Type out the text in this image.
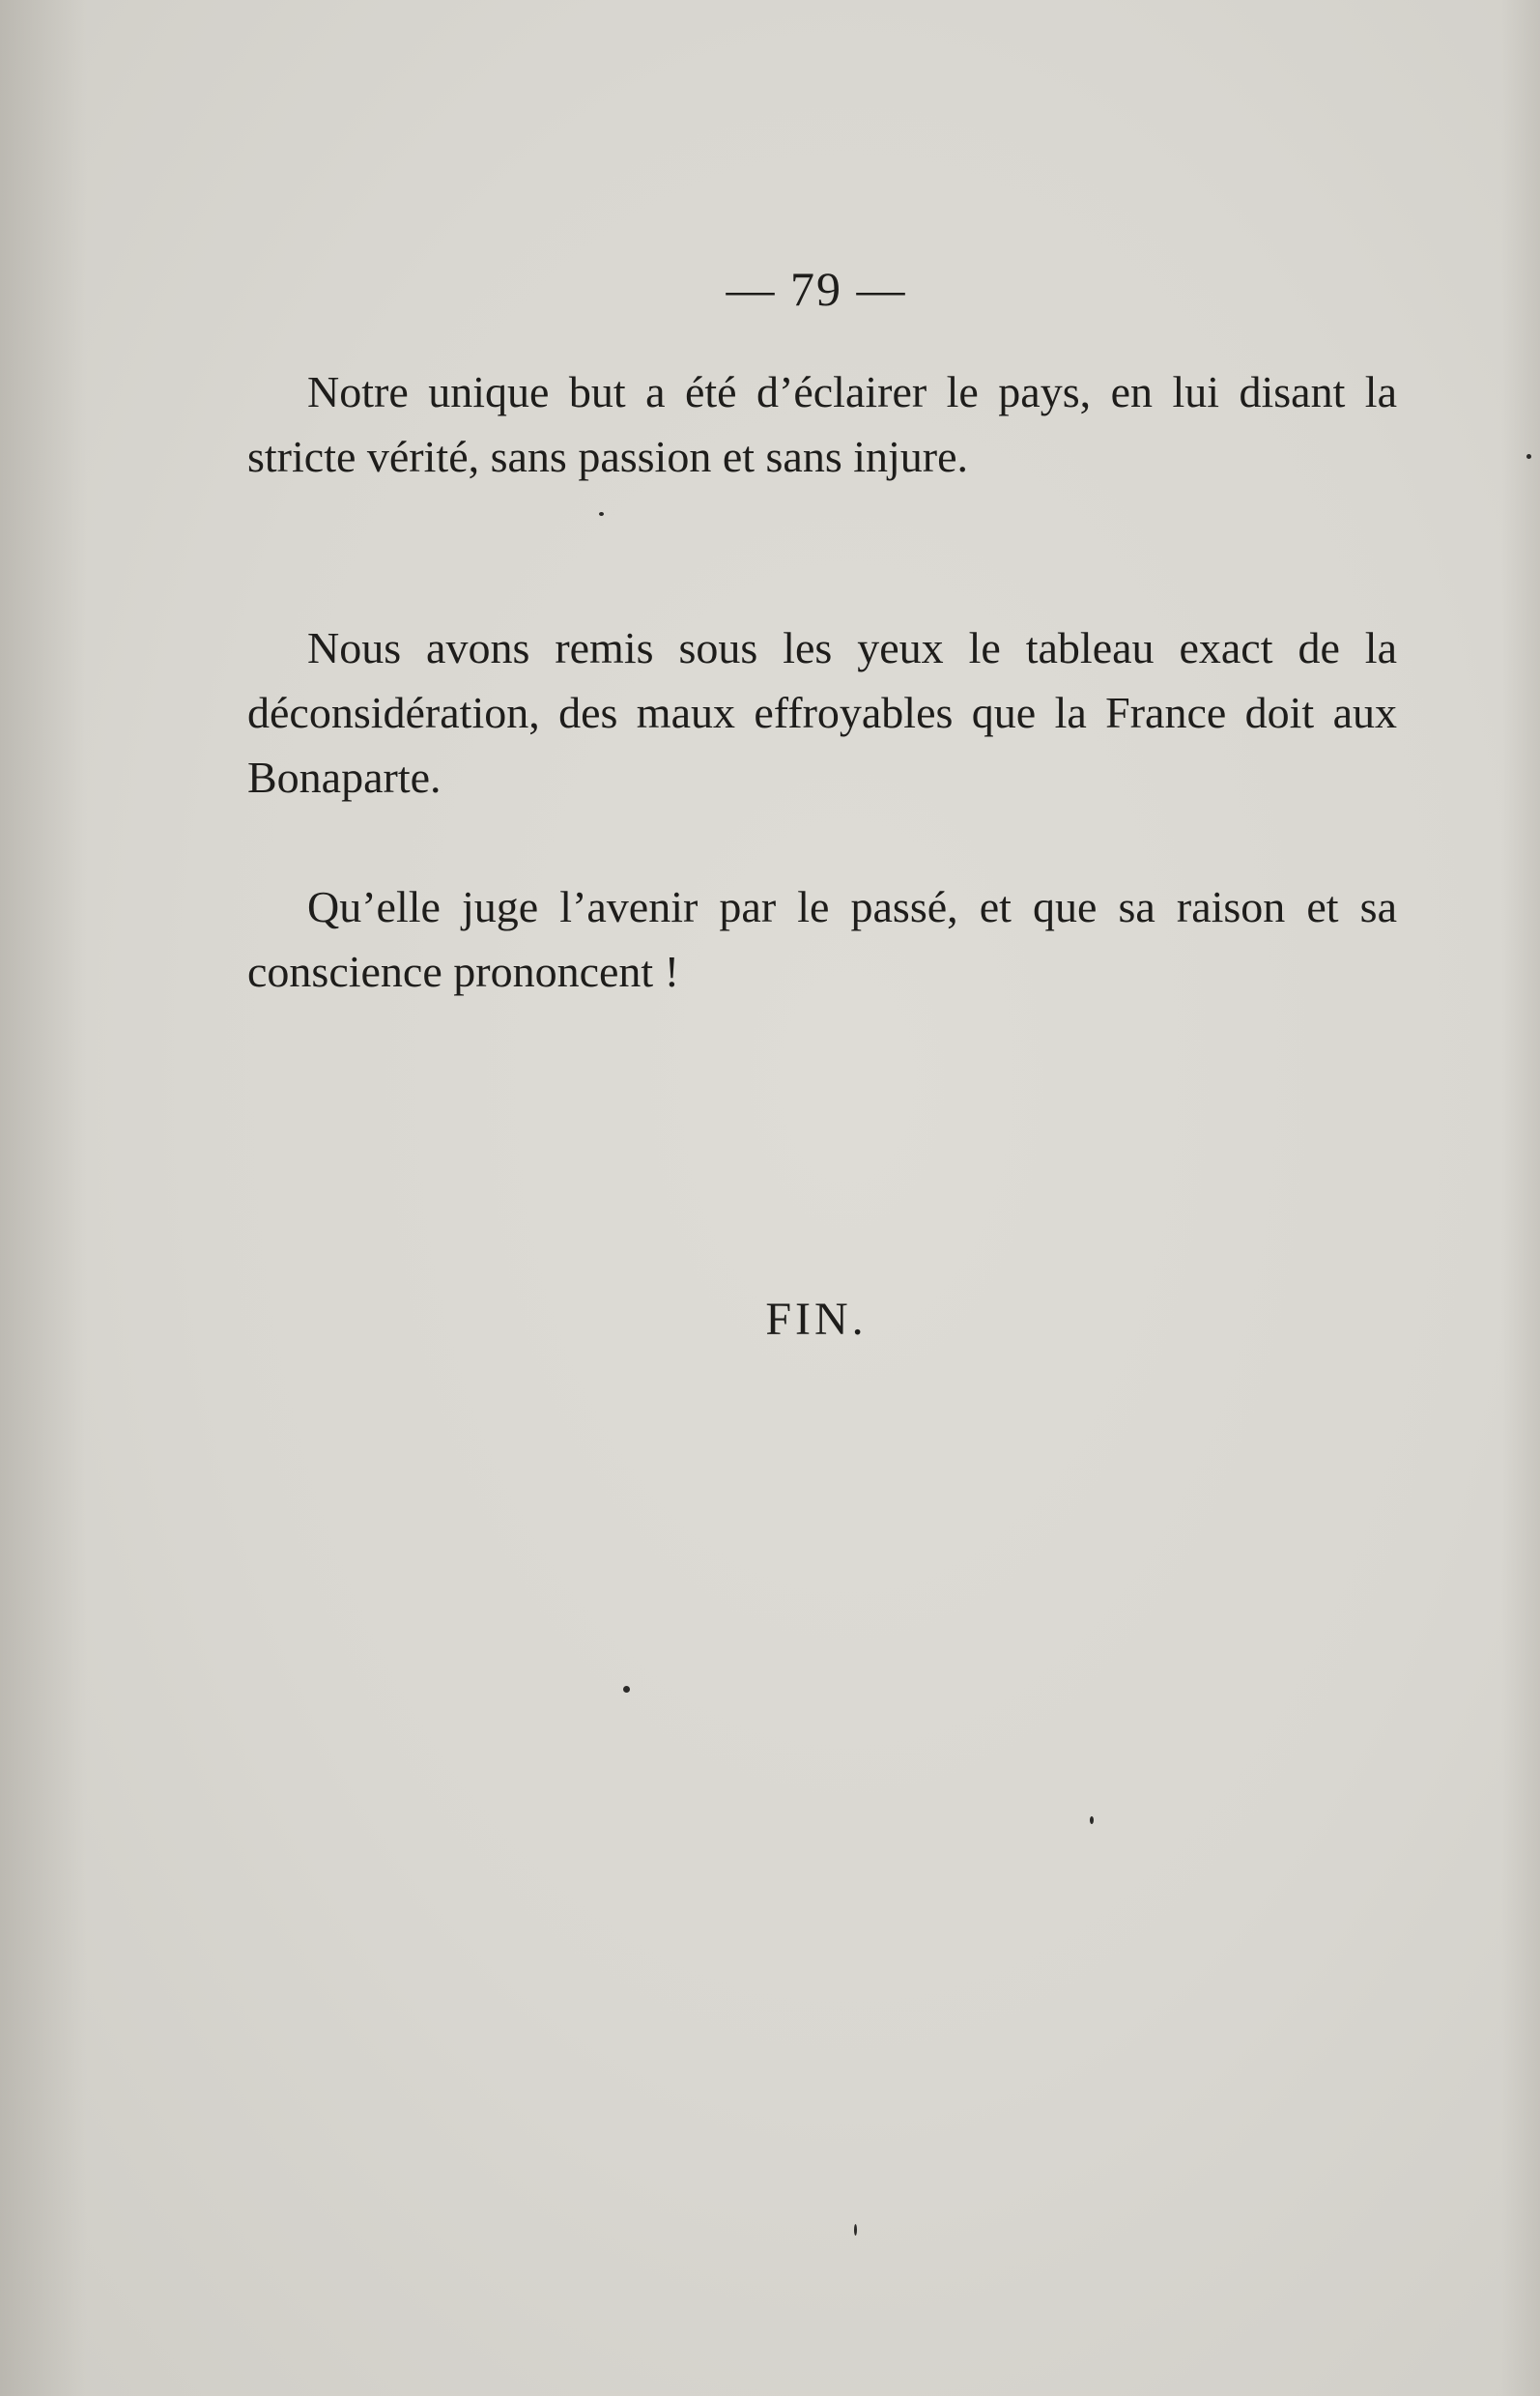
— 79 —

Notre unique but a été d’éclairer le pays, en lui disant la stricte vérité, sans passion et sans injure.

Nous avons remis sous les yeux le tableau exact de la déconsidération, des maux effroyables que la France doit aux Bonaparte.

Qu’elle juge l’avenir par le passé, et que sa raison et sa conscience prononcent !

FIN.
